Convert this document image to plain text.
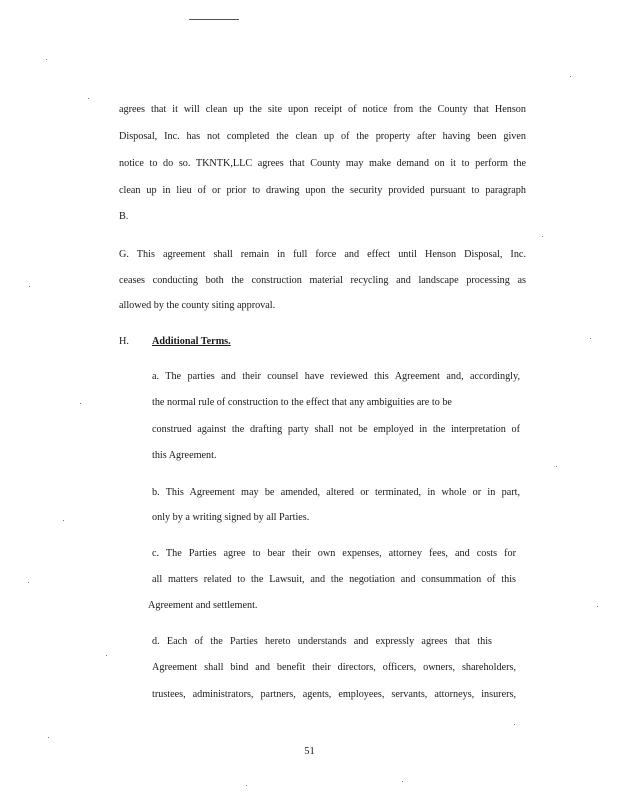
agrees that it will clean up the site upon receipt of notice from the County that Henson
Disposal, Inc. has not completed the clean up of the property after having been given
notice to do so. TKNTK,LLC agrees that County may make demand on it to perform the
clean up in lieu of or prior to drawing upon the security provided pursuant to paragraph
B.
G. This agreement shall remain in full force and effect until Henson Disposal, Inc.
ceases conducting both the construction material recycling and landscape processing as
allowed by the county siting approval.
H. Additional Terms.
a. The parties and their counsel have reviewed this Agreement and, accordingly,
the normal rule of construction to the effect that any ambiguities are to be
construed against the drafting party shall not be employed in the interpretation of
this Agreement.
b. This Agreement may be amended, altered or terminated, in whole or in part,
only by a writing signed by all Parties.
c. The Parties agree to bear their own expenses, attorney fees, and costs for
all matters related to the Lawsuit, and the negotiation and consummation of this
Agreement and settlement.
d. Each of the Parties hereto understands and expressly agrees that this
Agreement shall bind and benefit their directors, officers, owners, shareholders,
trustees, administrators, partners, agents, employees, servants, attorneys, insurers,
51
